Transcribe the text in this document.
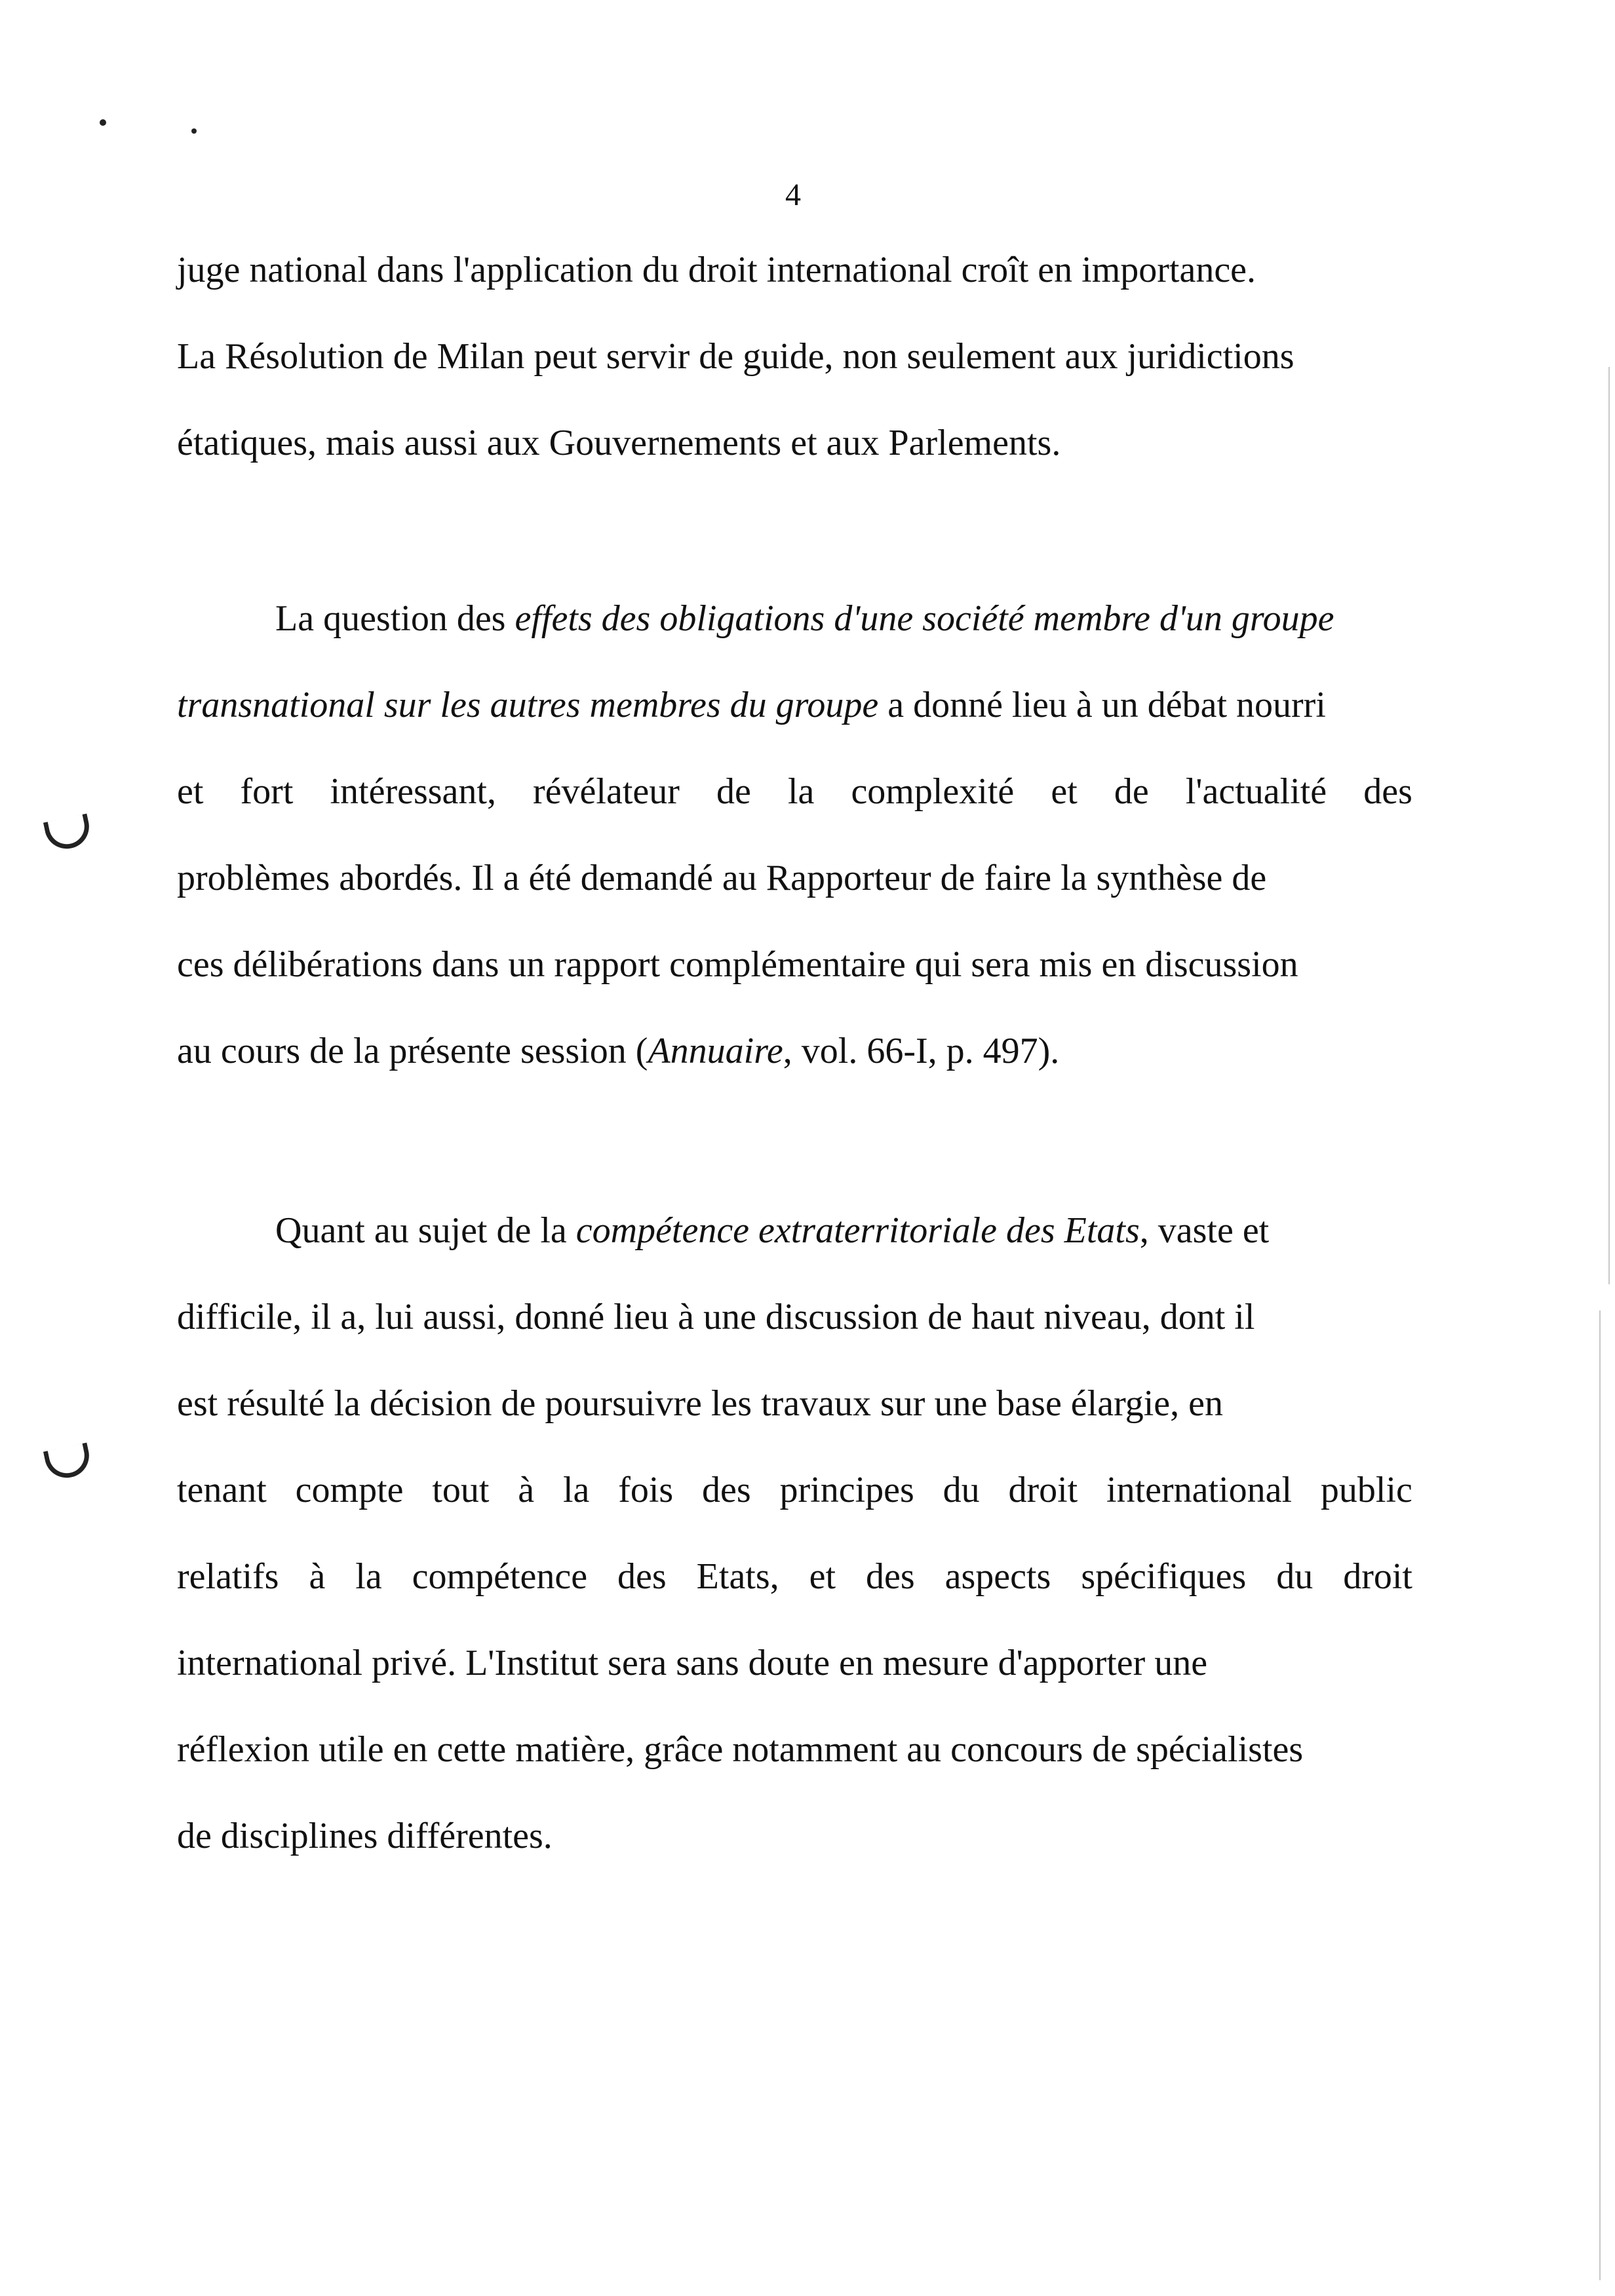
4
juge national dans l'application du droit international croît en importance.
La Résolution de Milan peut servir de guide, non seulement aux juridictions
étatiques, mais aussi aux Gouvernements et aux Parlements.
La question des effets des obligations d'une société membre d'un groupe
transnational sur les autres membres du groupe a donné lieu à un débat nourri
et fort intéressant, révélateur de la complexité et de l'actualité des
problèmes abordés. Il a été demandé au Rapporteur de faire la synthèse de
ces délibérations dans un rapport complémentaire qui sera mis en discussion
au cours de la présente session (Annuaire, vol. 66-I, p. 497).
Quant au sujet de la compétence extraterritoriale des Etats, vaste et
difficile, il a, lui aussi, donné lieu à une discussion de haut niveau, dont il
est résulté la décision de poursuivre les travaux sur une base élargie, en
tenant compte tout à la fois des principes du droit international public
relatifs à la compétence des Etats, et des aspects spécifiques du droit
international privé. L'Institut sera sans doute en mesure d'apporter une
réflexion utile en cette matière, grâce notamment au concours de spécialistes
de disciplines différentes.
